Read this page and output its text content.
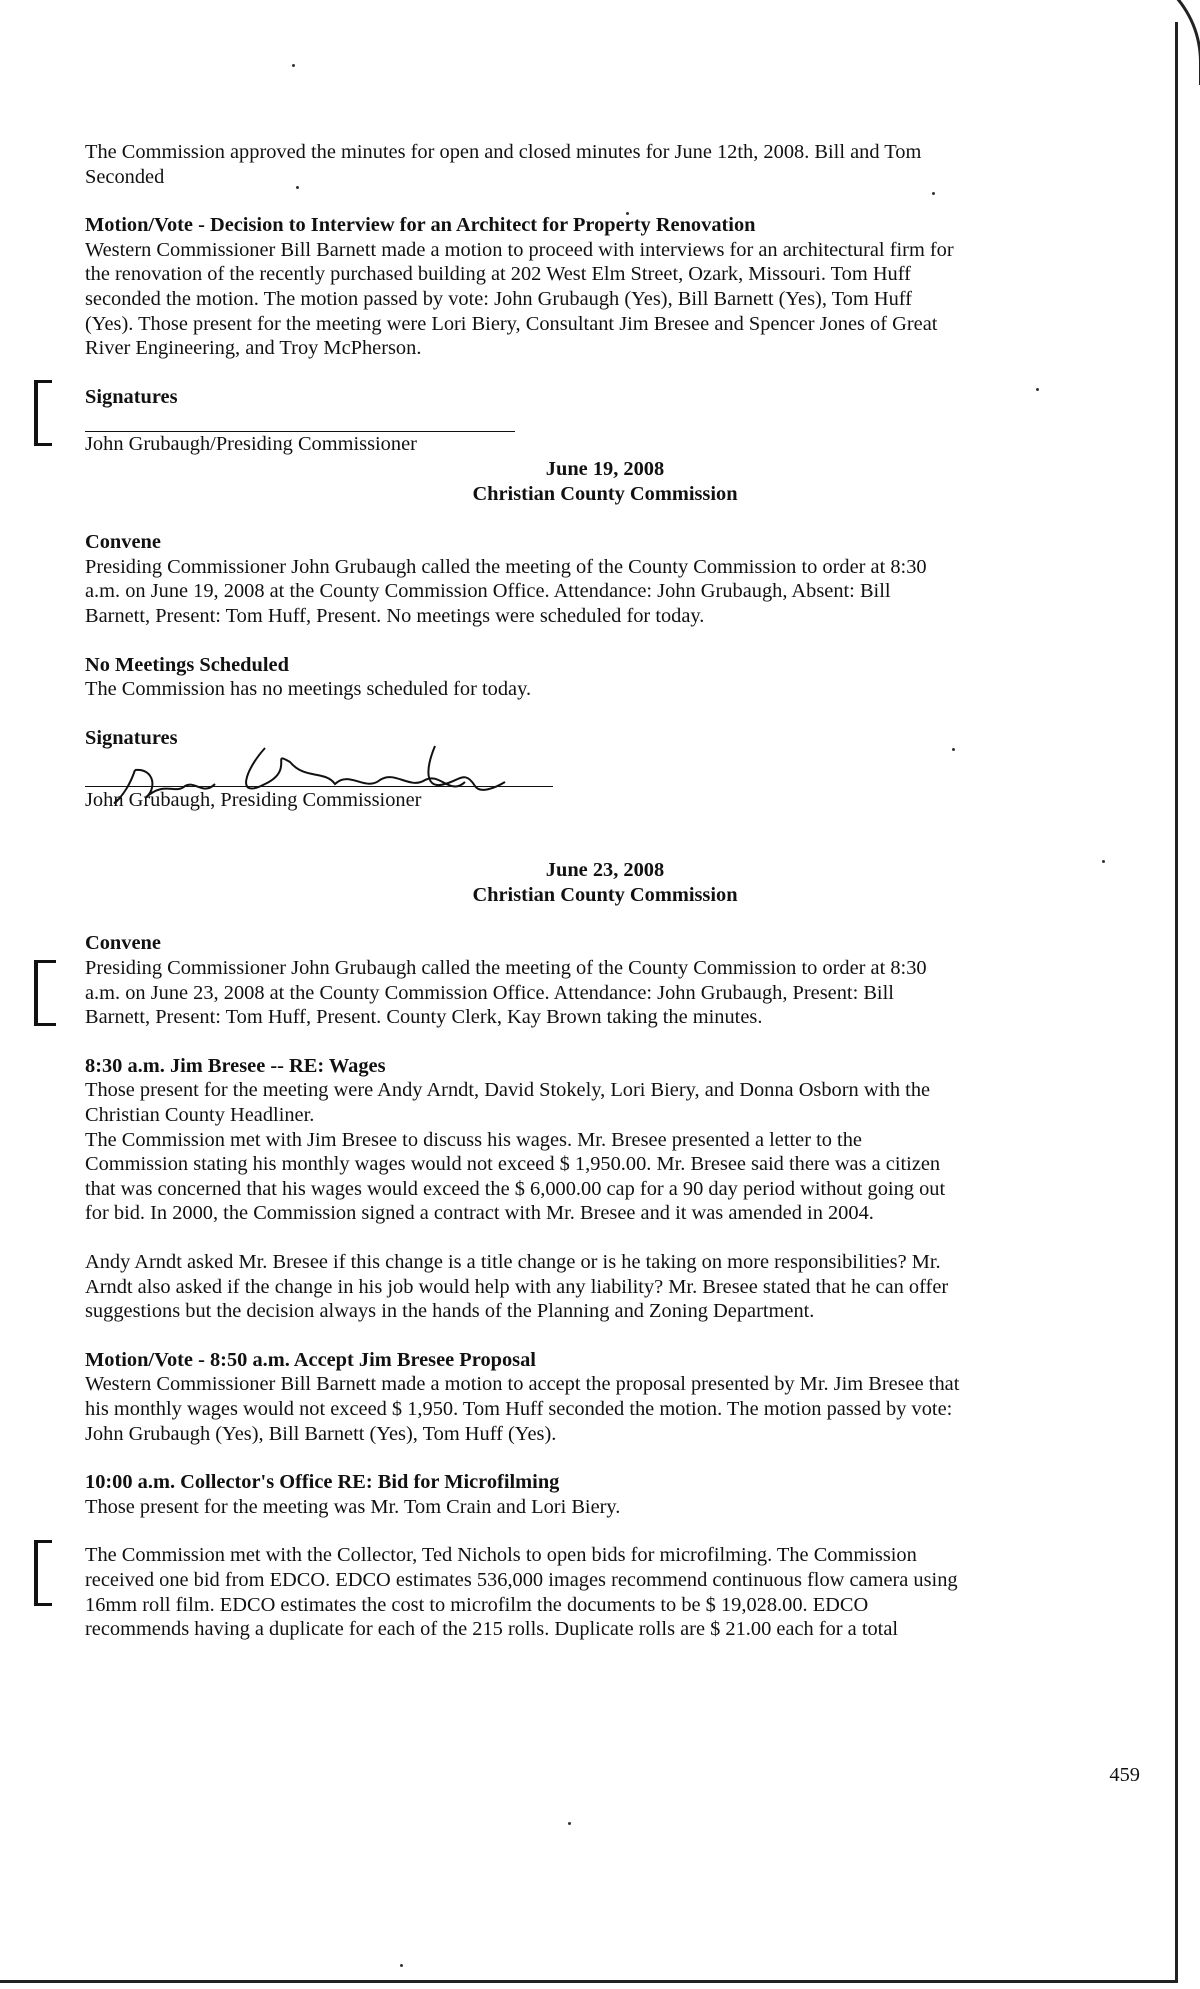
The Commission approved the minutes for open and closed minutes for June 12th, 2008. Bill and Tom
Seconded

Motion/Vote - Decision to Interview for an Architect for Property Renovation
Western Commissioner Bill Barnett made a motion to proceed with interviews for an architectural firm for
the renovation of the recently purchased building at 202 West Elm Street, Ozark, Missouri. Tom Huff
seconded the motion. The motion passed by vote: John Grubaugh (Yes), Bill Barnett (Yes), Tom Huff
(Yes). Those present for the meeting were Lori Biery, Consultant Jim Bresee and Spencer Jones of Great
River Engineering, and Troy McPherson.

Signatures

John Grubaugh/Presiding Commissioner

June 19, 2008

Christian County Commission

Convene
Presiding Commissioner John Grubaugh called the meeting of the County Commission to order at 8:30
a.m. on June 19, 2008 at the County Commission Office. Attendance: John Grubaugh, Absent: Bill
Barnett, Present: Tom Huff, Present. No meetings were scheduled for today.

No Meetings Scheduled
The Commission has no meetings scheduled for today.

Signatures

John Grubaugh, Presiding Commissioner

June 23, 2008

Christian County Commission

Convene
Presiding Commissioner John Grubaugh called the meeting of the County Commission to order at 8:30
a.m. on June 23, 2008 at the County Commission Office. Attendance: John Grubaugh, Present: Bill
Barnett, Present: Tom Huff, Present. County Clerk, Kay Brown taking the minutes.

8:30 a.m. Jim Bresee -- RE: Wages
Those present for the meeting were Andy Arndt, David Stokely, Lori Biery, and Donna Osborn with the
Christian County Headliner.
The Commission met with Jim Bresee to discuss his wages. Mr. Bresee presented a letter to the
Commission stating his monthly wages would not exceed $ 1,950.00. Mr. Bresee said there was a citizen
that was concerned that his wages would exceed the $ 6,000.00 cap for a 90 day period without going out
for bid. In 2000, the Commission signed a contract with Mr. Bresee and it was amended in 2004.

Andy Arndt asked Mr. Bresee if this change is a title change or is he taking on more responsibilities? Mr.
Arndt also asked if the change in his job would help with any liability? Mr. Bresee stated that he can offer
suggestions but the decision always in the hands of the Planning and Zoning Department.

Motion/Vote - 8:50 a.m. Accept Jim Bresee Proposal
Western Commissioner Bill Barnett made a motion to accept the proposal presented by Mr. Jim Bresee that
his monthly wages would not exceed $ 1,950. Tom Huff seconded the motion. The motion passed by vote:
John Grubaugh (Yes), Bill Barnett (Yes), Tom Huff (Yes).

10:00 a.m. Collector's Office RE: Bid for Microfilming
Those present for the meeting was Mr. Tom Crain and Lori Biery.

The Commission met with the Collector, Ted Nichols to open bids for microfilming. The Commission
received one bid from EDCO. EDCO estimates 536,000 images recommend continuous flow camera using
16mm roll film. EDCO estimates the cost to microfilm the documents to be $ 19,028.00. EDCO
recommends having a duplicate for each of the 215 rolls. Duplicate rolls are $ 21.00 each for a total

459
